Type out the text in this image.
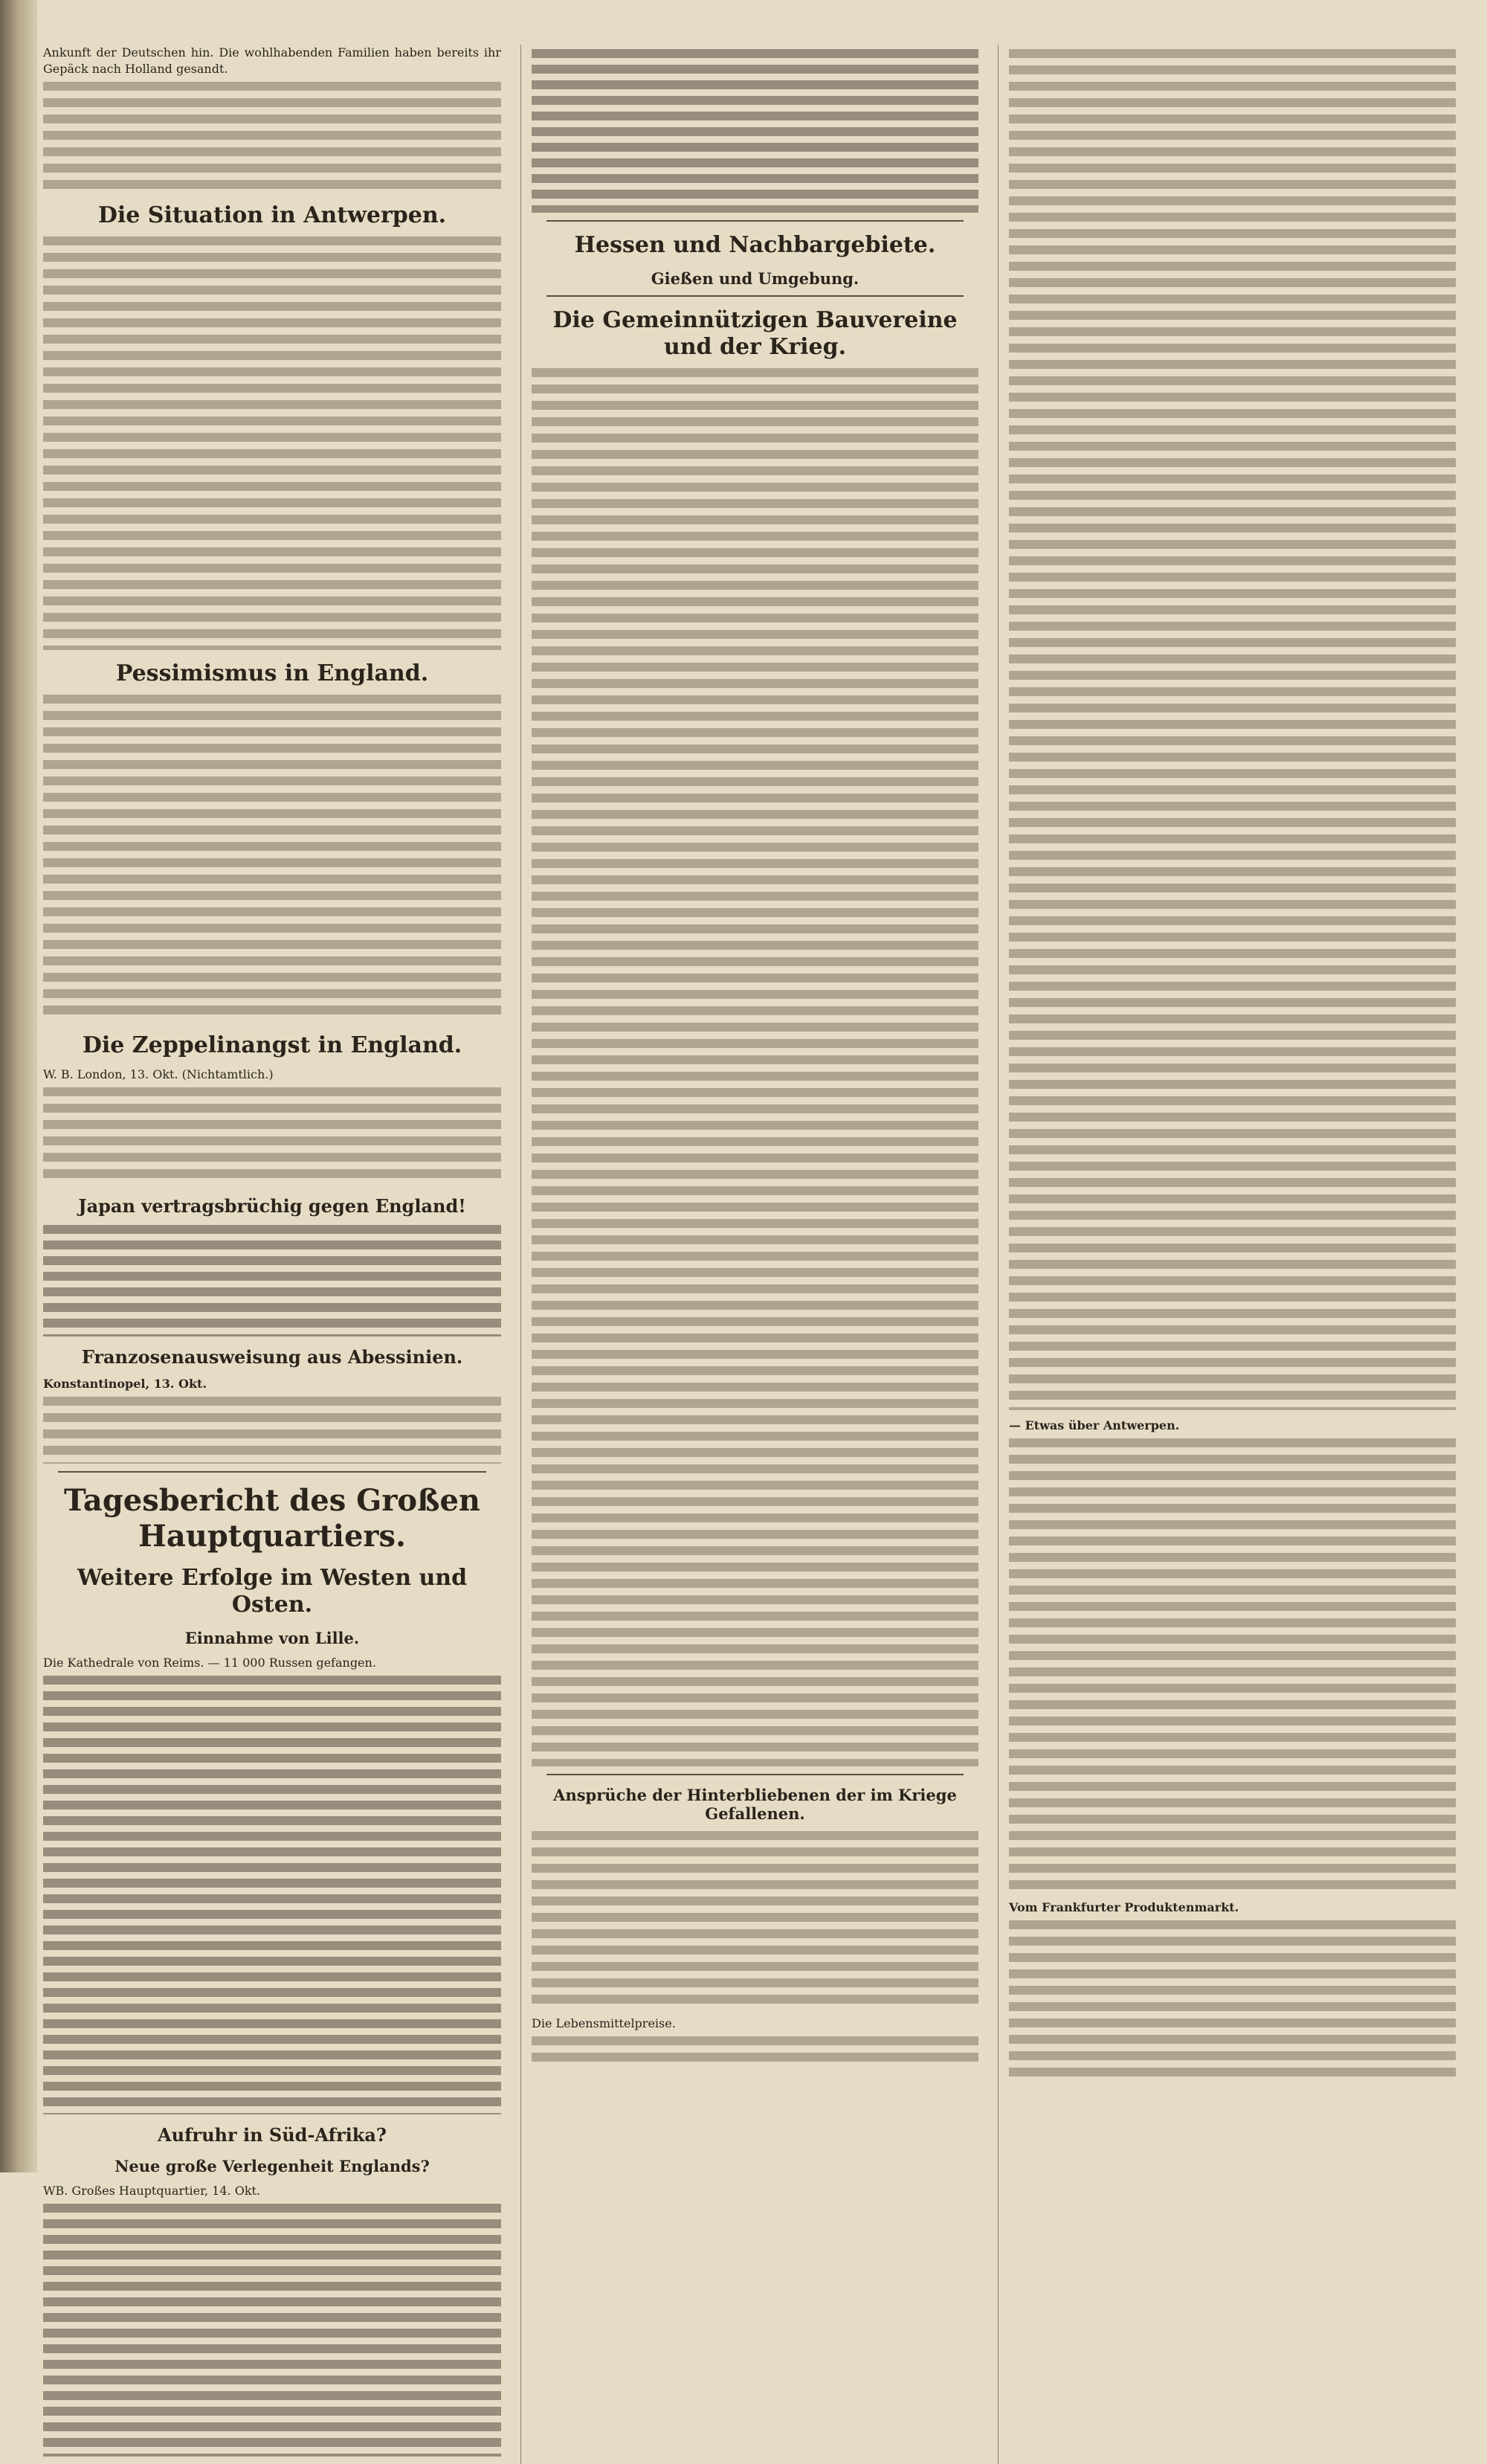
Ankunft der Deutschen hin. Die wohlhabenden Familien haben bereits ihr Gepäck nach Holland gesandt.

Die Situation in Antwerpen.
Pessimismus in England.
Die Zeppelinangst in England.

W. B. London, 13. Okt. (Nichtamtlich.)

Japan vertragsbrüchig gegen England!
Franzosenausweisung aus Abessinien.

Konstantinopel, 13. Okt.

Tagesbericht des Großen Hauptquartiers.
Weitere Erfolge im Westen und Osten.
Einnahme von Lille.

Die Kathedrale von Reims. — 11 000 Russen gefangen.

Aufruhr in Süd-Afrika?
Neue große Verlegenheit Englands?

WB. Großes Hauptquartier, 14. Okt.

Hessen und Nachbargebiete.
Gießen und Umgebung.
Die Gemeinnützigen Bauvereine und der Krieg.
Ansprüche der Hinterbliebenen der im Kriege Gefallenen.

Die Lebensmittelpreise.

— Etwas über Antwerpen.

Vom Frankfurter Produktenmarkt.
